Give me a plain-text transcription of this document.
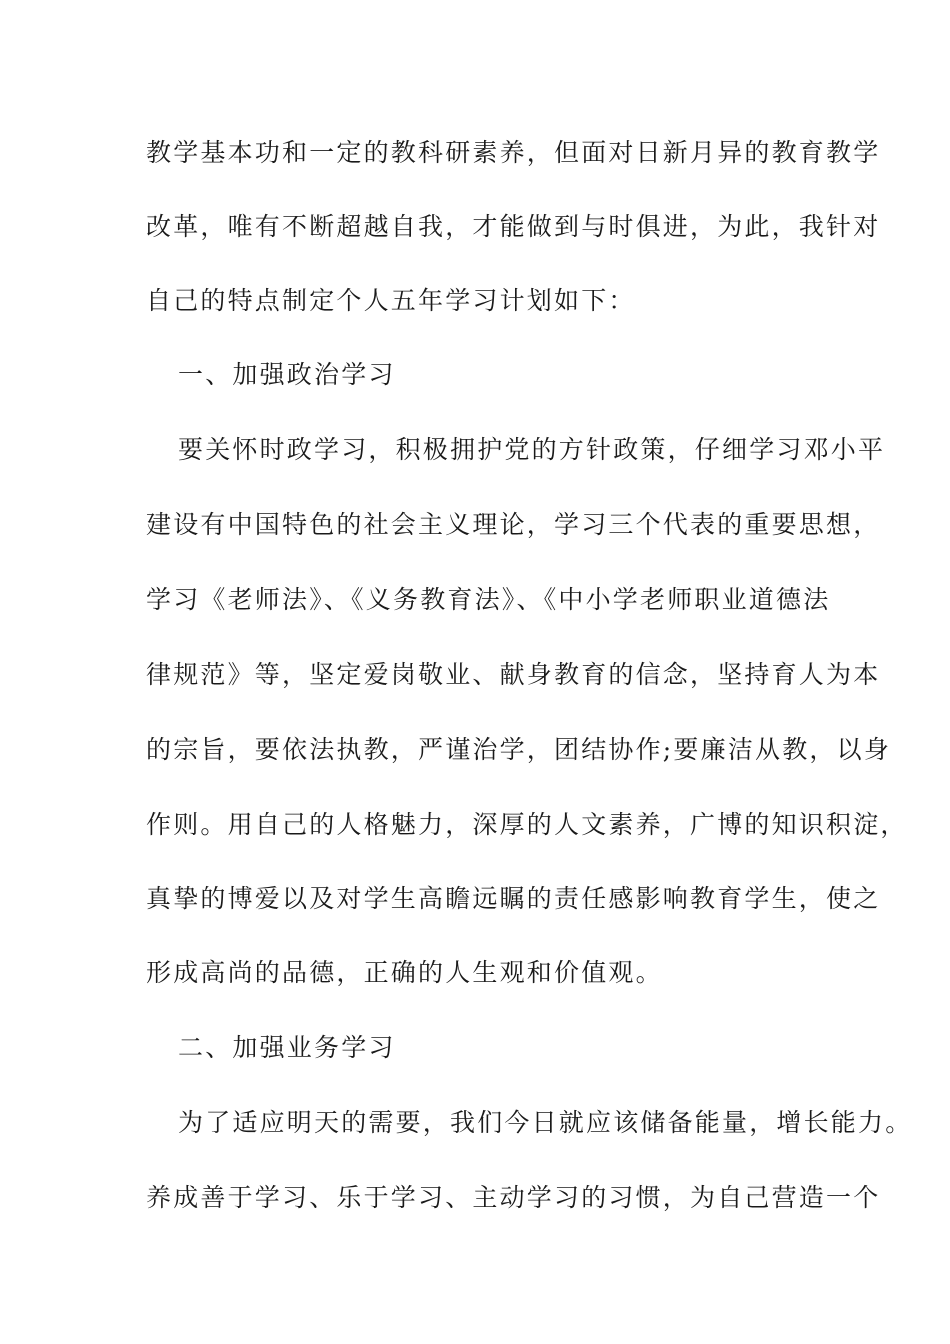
教学基本功和一定的教科研素养，但面对日新月异的教育教学
改革，唯有不断超越自我，才能做到与时俱进，为此，我针对
自己的特点制定个人五年学习计划如下：
一、加强政治学习
要关怀时政学习，积极拥护党的方针政策，仔细学习邓小平
建设有中国特色的社会主义理论，学习三个代表的重要思想，
学习《老师法》、《义务教育法》、《中小学老师职业道德法
律规范》等，坚定爱岗敬业、献身教育的信念，坚持育人为本
的宗旨，要依法执教，严谨治学，团结协作;要廉洁从教，以身
作则。用自己的人格魅力，深厚的人文素养，广博的知识积淀，
真挚的博爱以及对学生高瞻远瞩的责任感影响教育学生，使之
形成高尚的品德，正确的人生观和价值观。
二、加强业务学习
为了适应明天的需要，我们今日就应该储备能量，增长能力。
养成善于学习、乐于学习、主动学习的习惯，为自己营造一个
